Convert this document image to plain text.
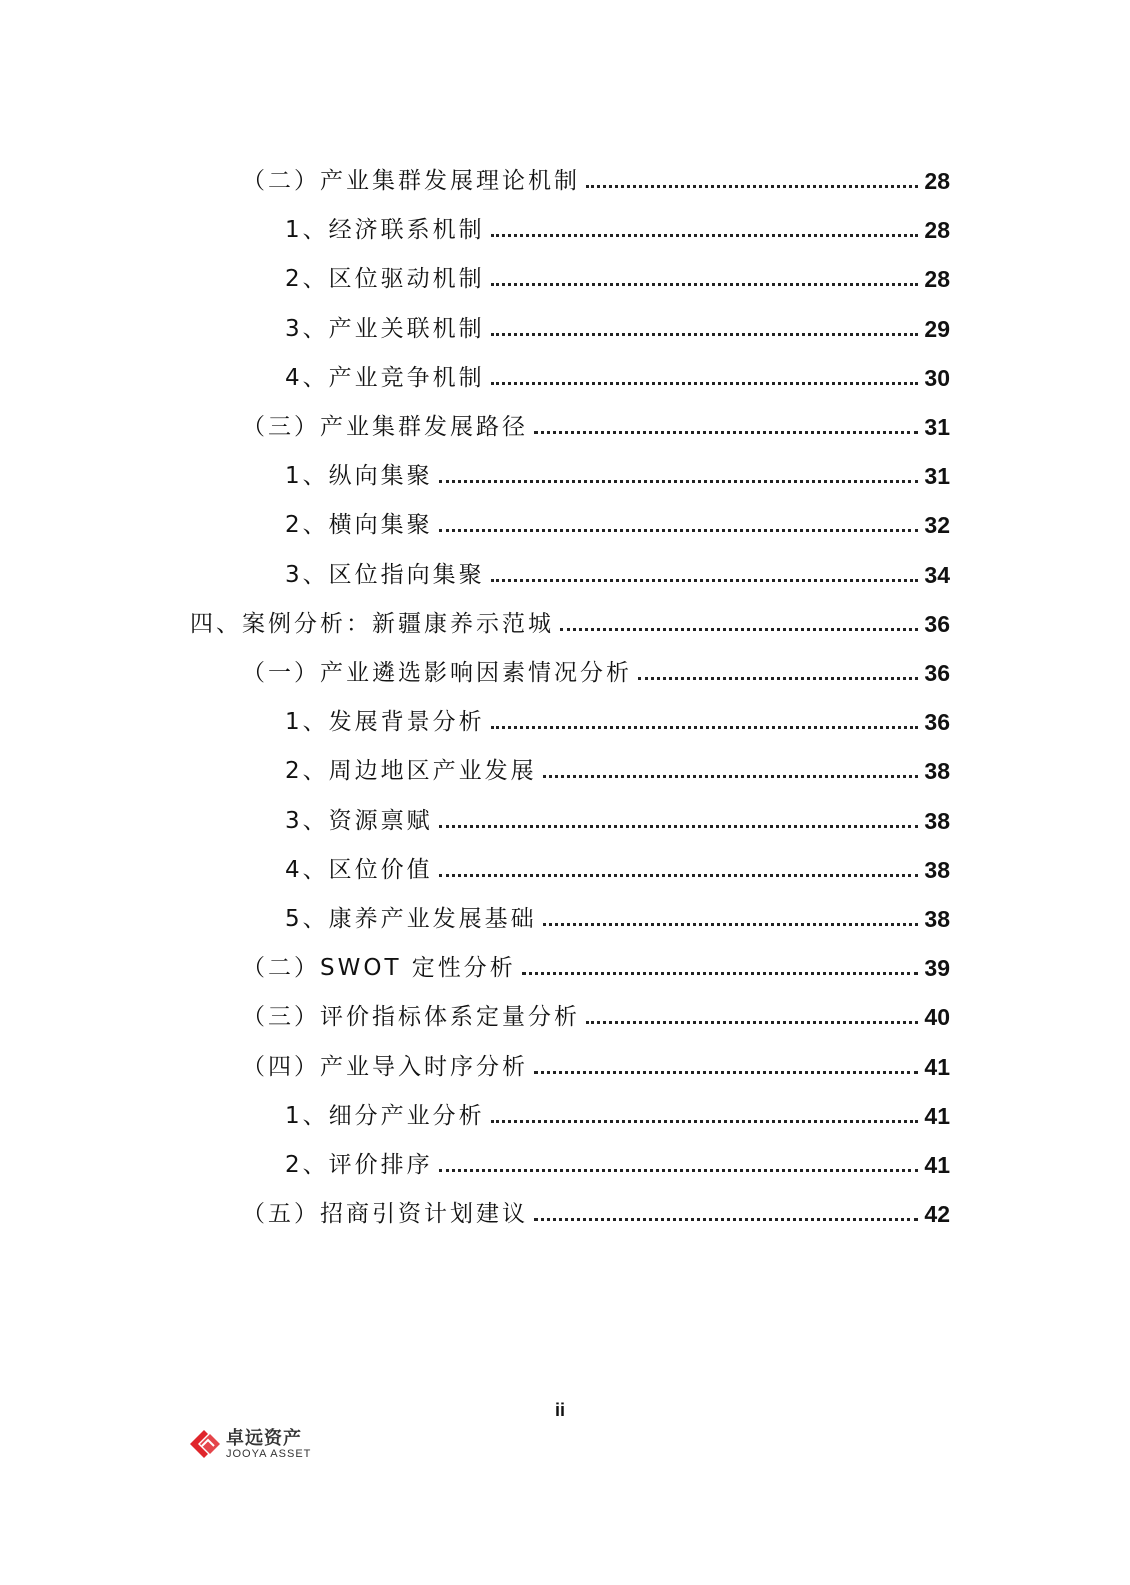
（二）产业集群发展理论机制	28
1、经济联系机制	28
2、区位驱动机制	28
3、产业关联机制	29
4、产业竞争机制	30
（三）产业集群发展路径	31
1、纵向集聚	31
2、横向集聚	32
3、区位指向集聚	34
四、案例分析：新疆康养示范城	36
（一）产业遴选影响因素情况分析	36
1、发展背景分析	36
2、周边地区产业发展	38
3、资源禀赋	38
4、区位价值	38
5、康养产业发展基础	38
（二）SWOT 定性分析	39
（三）评价指标体系定量分析	40
（四）产业导入时序分析	41
1、细分产业分析	41
2、评价排序	41
（五）招商引资计划建议	42
ii
卓远资产
JOOYA ASSET
